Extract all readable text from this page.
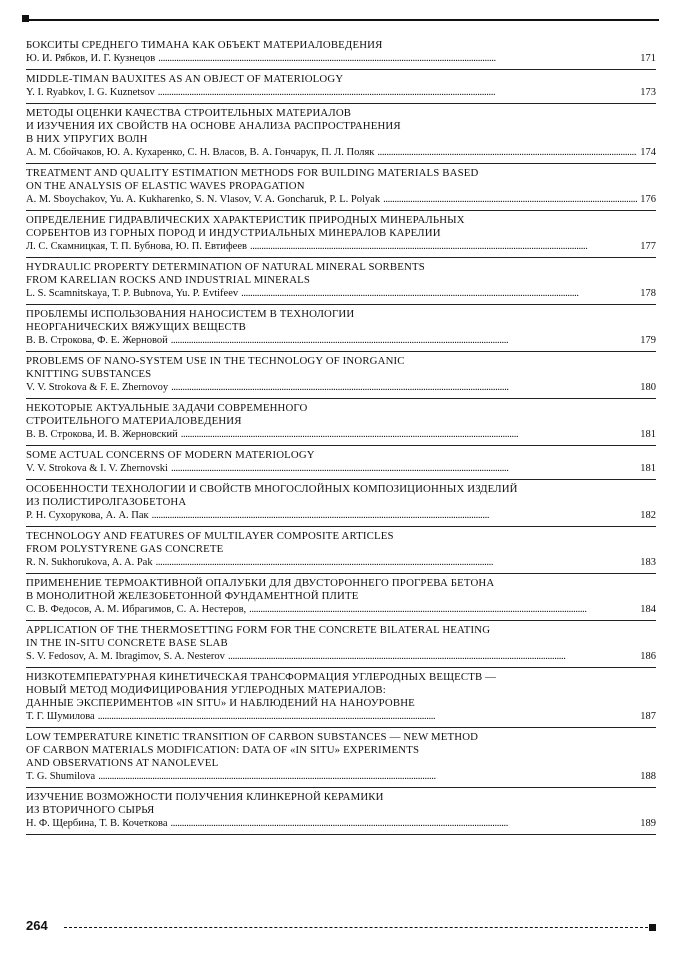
БОКСИТЫ СРЕДНЕГО ТИМАНА КАК ОБЪЕКТ МАТЕРИАЛОВЕДЕНИЯ
Ю. И. Рябков, И. Г. Кузнецов . . .	171
MIDDLE-TIMAN BAUXITES AS AN OBJECT OF MATERIOLOGY
Y. I. Ryabkov, I. G. Kuznetsov . . .	173
МЕТОДЫ ОЦЕНКИ КАЧЕСТВА СТРОИТЕЛЬНЫХ МАТЕРИАЛОВ
И ИЗУЧЕНИЯ ИХ СВОЙСТВ НА ОСНОВЕ АНАЛИЗА РАСПРОСТРАНЕНИЯ
В НИХ УПРУГИХ ВОЛН
А. М. Сбойчаков, Ю. А. Кухаренко, С. Н. Власов, В. А. Гончарук, П. Л. Поляк . . .	174
TREATMENT AND QUALITY ESTIMATION METHODS FOR BUILDING MATERIALS BASED
ON THE ANALYSIS OF ELASTIC WAVES PROPAGATION
A. M. Sboychakov, Yu. A. Kukharenko, S. N. Vlasov, V. A. Goncharuk, P. L. Polyak . . .	176
ОПРЕДЕЛЕНИЕ ГИДРАВЛИЧЕСКИХ ХАРАКТЕРИСТИК ПРИРОДНЫХ МИНЕРАЛЬНЫХ
СОРБЕНТОВ ИЗ ГОРНЫХ ПОРОД И ИНДУСТРИАЛЬНЫХ МИНЕРАЛОВ КАРЕЛИИ
Л. С. Скамницкая, Т. П. Бубнова, Ю. П. Евтифеев . . .	177
HYDRAULIC PROPERTY DETERMINATION OF NATURAL MINERAL SORBENTS
FROM KARELIAN ROCKS AND INDUSTRIAL MINERALS
L. S. Scamnitskaya, T. P. Bubnova, Yu. P. Evtifeev . . .	178
ПРОБЛЕМЫ ИСПОЛЬЗОВАНИЯ НАНОСИСТЕМ В ТЕХНОЛОГИИ
НЕОРГАНИЧЕСКИХ ВЯЖУЩИХ ВЕЩЕСТВ
В. В. Строкова, Ф. Е. Жерновой . . .	179
PROBLEMS OF NANO-SYSTEM USE IN THE TECHNOLOGY OF INORGANIC
KNITTING SUBSTANCES
V. V. Strokova & F. E. Zhernovoy . . .	180
НЕКОТОРЫЕ АКТУАЛЬНЫЕ ЗАДАЧИ СОВРЕМЕННОГО
СТРОИТЕЛЬНОГО МАТЕРИАЛОВЕДЕНИЯ
В. В. Строкова, И. В. Жерновский . . .	181
SOME ACTUAL CONCERNS OF MODERN MATERIOLOGY
V. V. Strokova & I. V. Zhernovski . . .	181
ОСОБЕННОСТИ ТЕХНОЛОГИИ И СВОЙСТВ МНОГОСЛОЙНЫХ КОМПОЗИЦИОННЫХ ИЗДЕЛИЙ
ИЗ ПОЛИСТИРОЛГАЗОБЕТОНА
Р. Н. Сухорукова, А. А. Пак . . .	182
TECHNOLOGY AND FEATURES OF MULTILAYER COMPOSITE ARTICLES
FROM POLYSTYRENE GAS CONCRETE
R. N. Sukhorukova, A. A. Pak . . .	183
ПРИМЕНЕНИЕ ТЕРМОАКТИВНОЙ ОПАЛУБКИ ДЛЯ ДВУСТОРОННЕГО ПРОГРЕВА БЕТОНА
В МОНОЛИТНОЙ ЖЕЛЕЗОБЕТОННОЙ ФУНДАМЕНТНОЙ ПЛИТЕ
С. В. Федосов, А. М. Ибрагимов, С. А. Нестеров, . . .	184
APPLICATION OF THE THERMOSETTING FORM FOR THE CONCRETE BILATERAL HEATING
IN THE IN-SITU CONCRETE BASE SLAB
S. V. Fedosov, A. M. Ibragimov, S. A. Nesterov . . .	186
НИЗКОТЕМПЕРАТУРНАЯ КИНЕТИЧЕСКАЯ ТРАНСФОРМАЦИЯ УГЛЕРОДНЫХ ВЕЩЕСТВ —
НОВЫЙ МЕТОД МОДИФИЦИРОВАНИЯ УГЛЕРОДНЫХ МАТЕРИАЛОВ:
ДАННЫЕ ЭКСПЕРИМЕНТОВ «IN SITU» И НАБЛЮДЕНИЙ НА НАНОУРОВНЕ
Т. Г. Шумилова . . .	187
LOW TEMPERATURE KINETIC TRANSITION OF CARBON SUBSTANCES — NEW METHOD
OF CARBON MATERIALS MODIFICATION: DATA OF «IN SITU» EXPERIMENTS
AND OBSERVATIONS AT NANOLEVEL
T. G. Shumilova . . .	188
ИЗУЧЕНИЕ ВОЗМОЖНОСТИ ПОЛУЧЕНИЯ КЛИНКЕРНОЙ КЕРАМИКИ
ИЗ ВТОРИЧНОГО СЫРЬЯ
Н. Ф. Щербина, Т. В. Кочеткова . . .	189
264
